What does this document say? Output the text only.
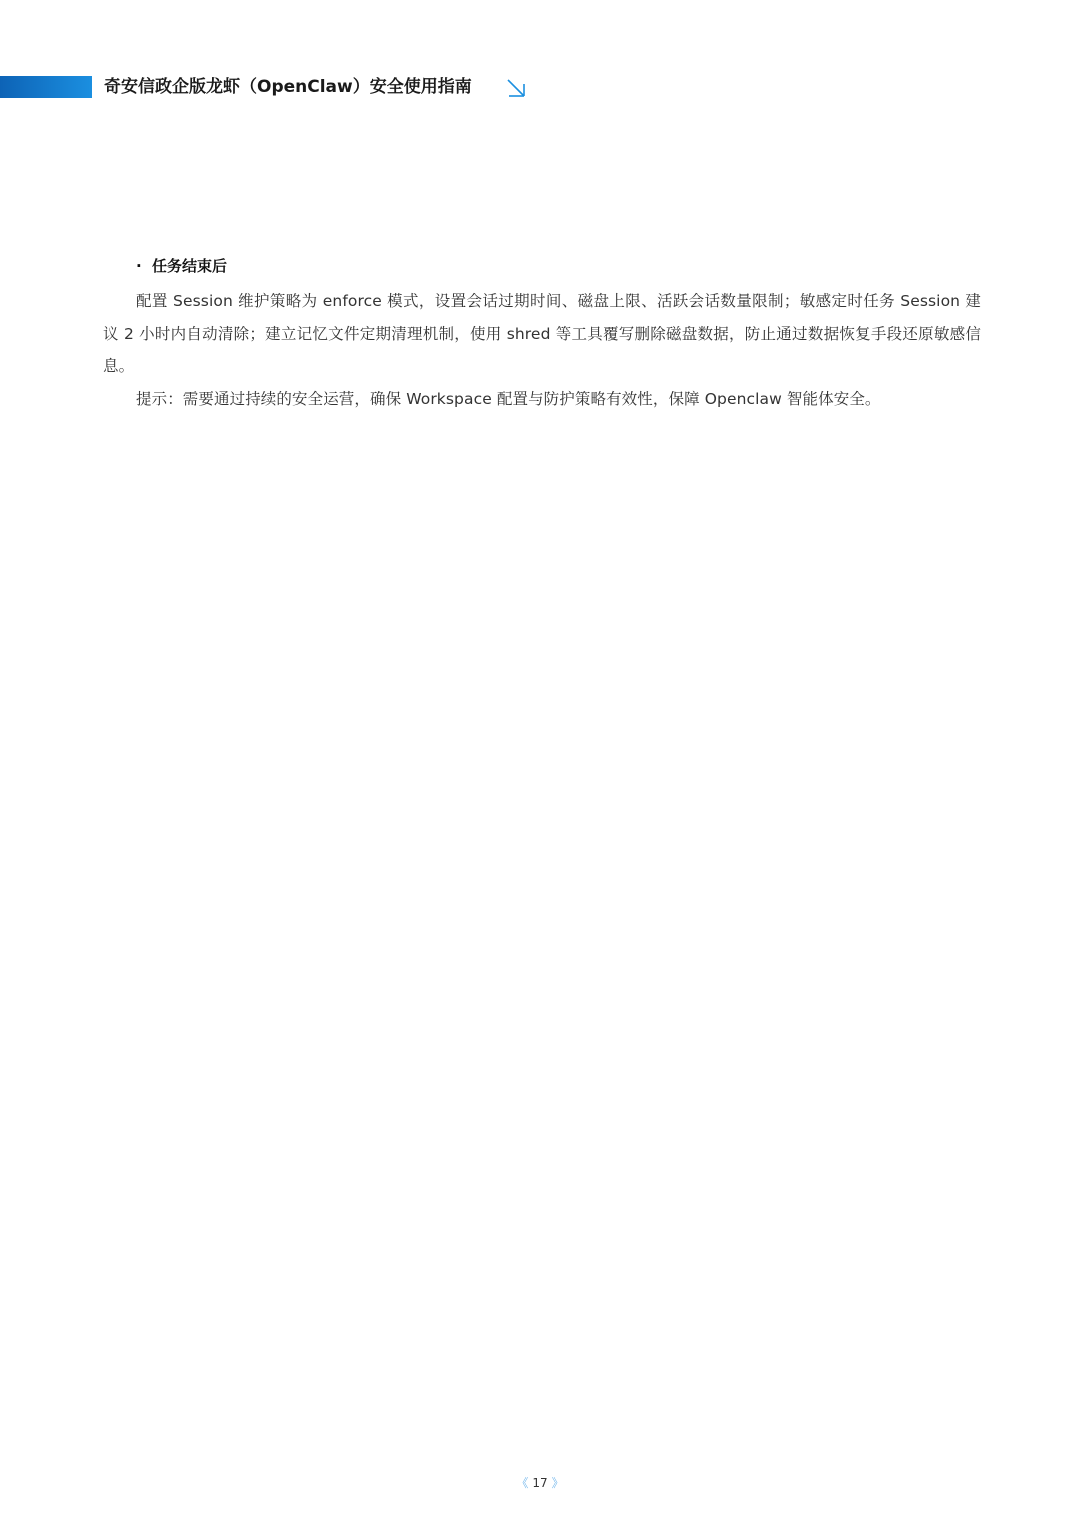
奇安信政企版龙虾（OpenClaw）安全使用指南
· 任务结束后

配置 Session 维护策略为 enforce 模式，设置会话过期时间、磁盘上限、活跃会话数量限制；敏感定时任务 Session 建议 2 小时内自动清除；建立记忆文件定期清理机制，使用 shred 等工具覆写删除磁盘数据，防止通过数据恢复手段还原敏感信息。

提示：需要通过持续的安全运营，确保 Workspace 配置与防护策略有效性，保障 Openclaw 智能体安全。

《 17 》
